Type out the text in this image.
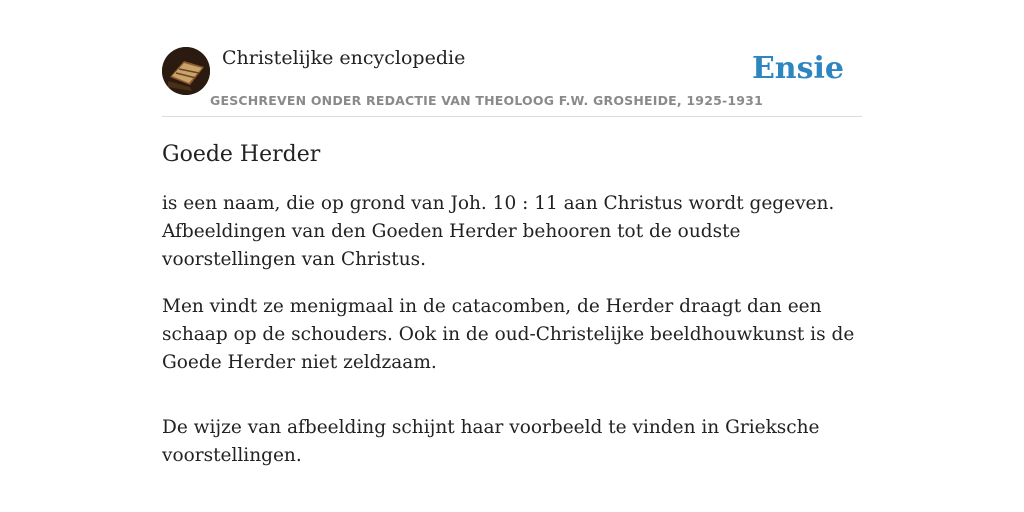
Christelijke encyclopedie
GESCHREVEN ONDER REDACTIE VAN THEOLOOG F.W. GROSHEIDE, 1925-1931
Ensie
Goede Herder

is een naam, die op grond van Joh. 10 : 11 aan Christus wordt gegeven. Afbeeldingen van den Goeden Herder behooren tot de oudste voorstellingen van Christus.

Men vindt ze menigmaal in de catacomben, de Herder draagt dan een schaap op de schouders. Ook in de oud-Christelijke beeldhouwkunst is de Goede Herder niet zeldzaam.

De wijze van afbeelding schijnt haar voorbeeld te vinden in Grieksche voorstellingen.
